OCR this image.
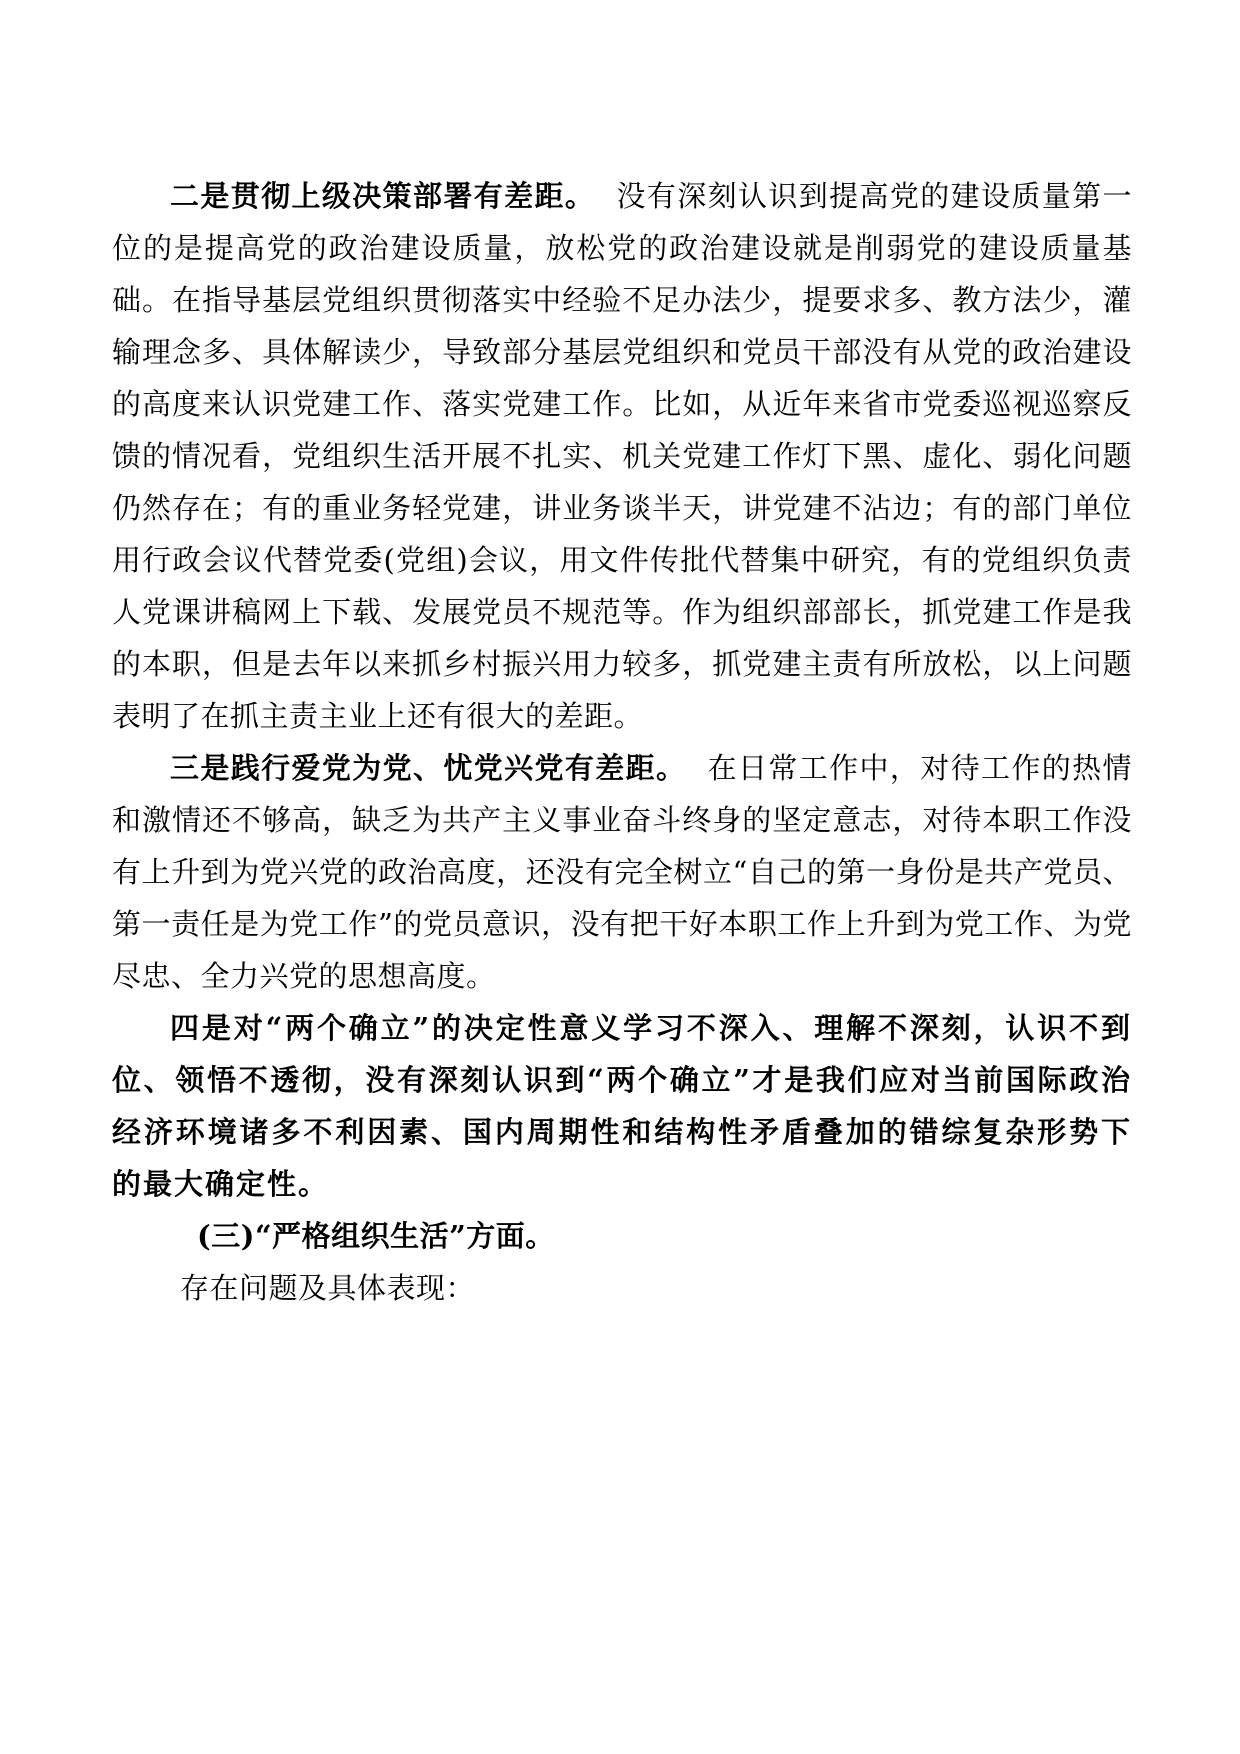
二是贯彻上级决策部署有差距。 没有深刻认识到提高党的建设质量第一位的是提高党的政治建设质量，放松党的政治建设就是削弱党的建设质量基础。在指导基层党组织贯彻落实中经验不足办法少，提要求多、教方法少，灌输理念多、具体解读少，导致部分基层党组织和党员干部没有从党的政治建设的高度来认识党建工作、落实党建工作。比如，从近年来省市党委巡视巡察反馈的情况看，党组织生活开展不扎实、机关党建工作灯下黑、虚化、弱化问题仍然存在；有的重业务轻党建，讲业务谈半天，讲党建不沾边；有的部门单位用行政会议代替党委(党组)会议，用文件传批代替集中研究，有的党组织负责人党课讲稿网上下载、发展党员不规范等。作为组织部部长，抓党建工作是我的本职，但是去年以来抓乡村振兴用力较多，抓党建主责有所放松，以上问题表明了在抓主责主业上还有很大的差距。

三是践行爱党为党、忧党兴党有差距。 在日常工作中，对待工作的热情和激情还不够高，缺乏为共产主义事业奋斗终身的坚定意志，对待本职工作没有上升到为党兴党的政治高度，还没有完全树立“自己的第一身份是共产党员、第一责任是为党工作”的党员意识，没有把干好本职工作上升到为党工作、为党尽忠、全力兴党的思想高度。

四是对“两个确立”的决定性意义学习不深入、理解不深刻，认识不到位、领悟不透彻，没有深刻认识到“两个确立”才是我们应对当前国际政治经济环境诸多不利因素、国内周期性和结构性矛盾叠加的错综复杂形势下的最大确定性。

(三)“严格组织生活”方面。

存在问题及具体表现：
